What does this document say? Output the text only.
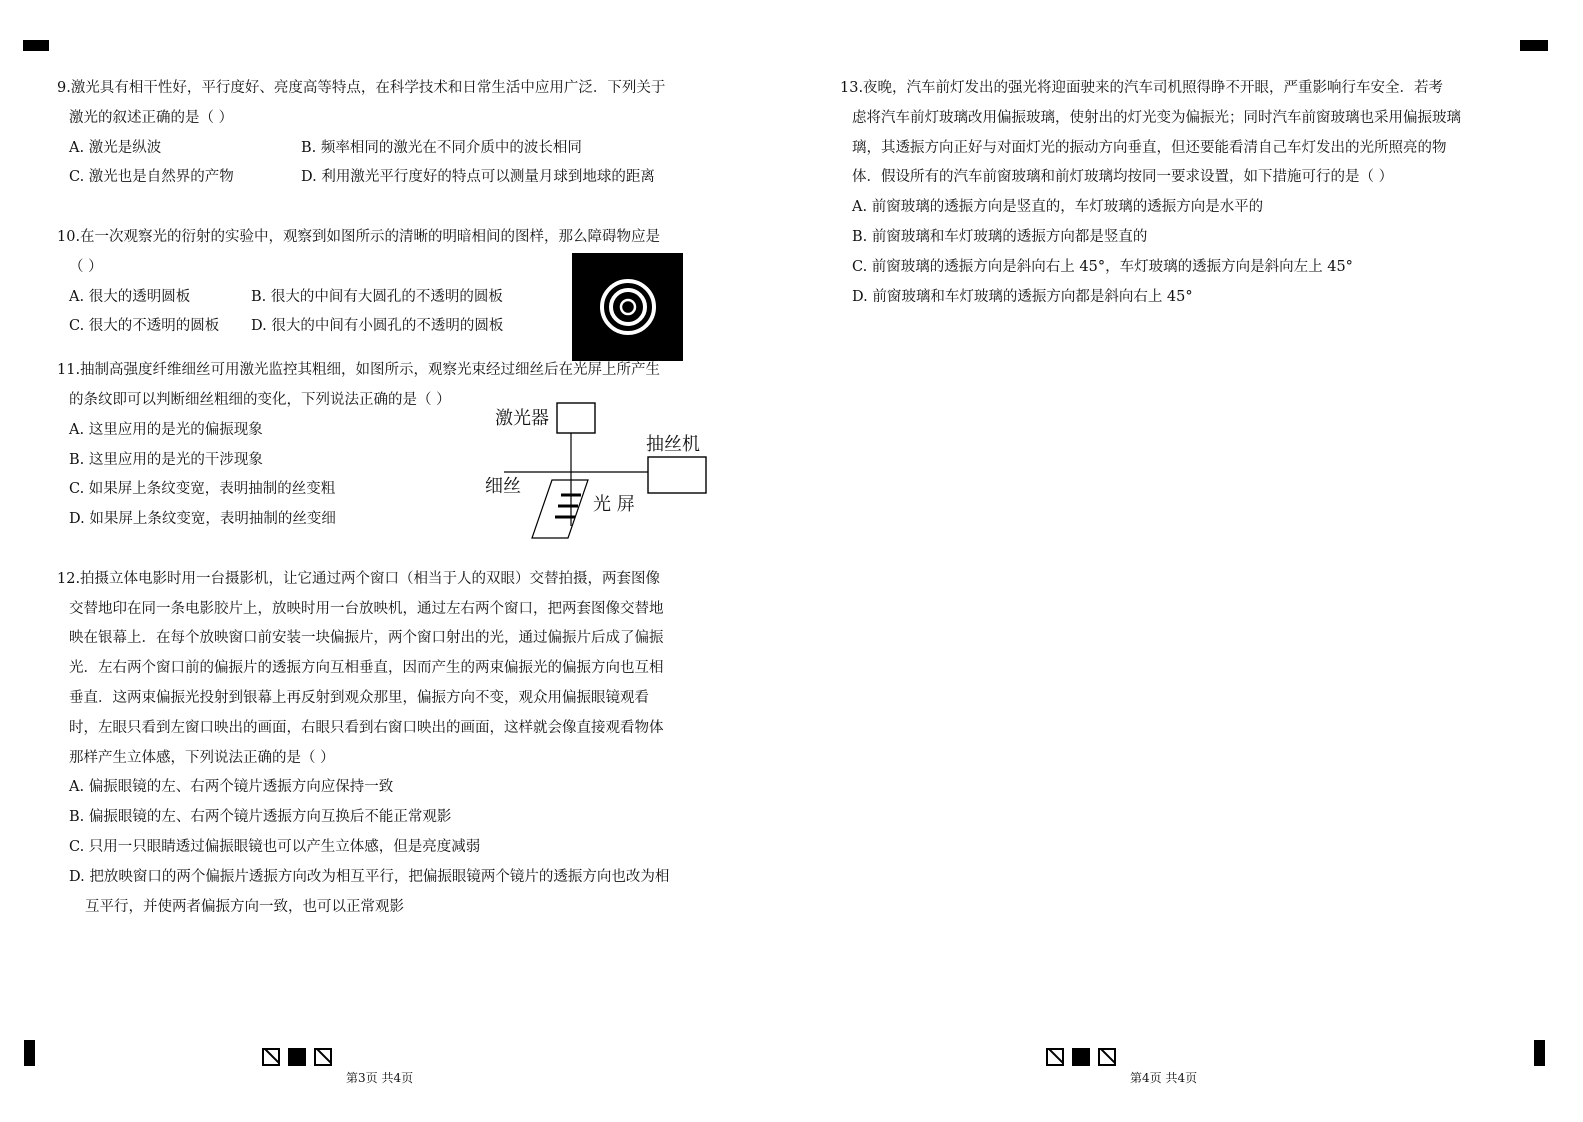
9.激光具有相干性好，平行度好、亮度高等特点，在科学技术和日常生活中应用广泛．下列关于
激光的叙述正确的是（ ）
A. 激光是纵波	B. 频率相同的激光在不同介质中的波长相同
C. 激光也是自然界的产物	D. 利用激光平行度好的特点可以测量月球到地球的距离
10.在一次观察光的衍射的实验中，观察到如图所示的清晰的明暗相间的图样，那么障碍物应是
（ ）
A. 很大的透明圆板	B. 很大的中间有大圆孔的不透明的圆板
C. 很大的不透明的圆板	D. 很大的中间有小圆孔的不透明的圆板
11.抽制高强度纤维细丝可用激光监控其粗细，如图所示，观察光束经过细丝后在光屏上所产生
的条纹即可以判断细丝粗细的变化，下列说法正确的是（ ）
A. 这里应用的是光的偏振现象
B. 这里应用的是光的干涉现象
C. 如果屏上条纹变宽，表明抽制的丝变粗
D. 如果屏上条纹变宽，表明抽制的丝变细
12.拍摄立体电影时用一台摄影机，让它通过两个窗口（相当于人的双眼）交替拍摄，两套图像
交替地印在同一条电影胶片上，放映时用一台放映机，通过左右两个窗口，把两套图像交替地
映在银幕上．在每个放映窗口前安装一块偏振片，两个窗口射出的光，通过偏振片后成了偏振
光．左右两个窗口前的偏振片的透振方向互相垂直，因而产生的两束偏振光的偏振方向也互相
垂直．这两束偏振光投射到银幕上再反射到观众那里，偏振方向不变，观众用偏振眼镜观看
时，左眼只看到左窗口映出的画面，右眼只看到右窗口映出的画面，这样就会像直接观看物体
那样产生立体感，下列说法正确的是（ ）
A. 偏振眼镜的左、右两个镜片透振方向应保持一致
B. 偏振眼镜的左、右两个镜片透振方向互换后不能正常观影
C. 只用一只眼睛透过偏振眼镜也可以产生立体感，但是亮度减弱
D. 把放映窗口的两个偏振片透振方向改为相互平行，把偏振眼镜两个镜片的透振方向也改为相
互平行，并使两者偏振方向一致，也可以正常观影
激光器
抽丝机
细丝
光 屏
13.夜晚，汽车前灯发出的强光将迎面驶来的汽车司机照得睁不开眼，严重影响行车安全．若考
虑将汽车前灯玻璃改用偏振玻璃，使射出的灯光变为偏振光；同时汽车前窗玻璃也采用偏振玻璃
璃，其透振方向正好与对面灯光的振动方向垂直，但还要能看清自己车灯发出的光所照亮的物
体．假设所有的汽车前窗玻璃和前灯玻璃均按同一要求设置，如下措施可行的是（ ）
A. 前窗玻璃的透振方向是竖直的，车灯玻璃的透振方向是水平的
B. 前窗玻璃和车灯玻璃的透振方向都是竖直的
C. 前窗玻璃的透振方向是斜向右上 45°，车灯玻璃的透振方向是斜向左上 45°
D. 前窗玻璃和车灯玻璃的透振方向都是斜向右上 45°
第3页 共4页	第4页 共4页
